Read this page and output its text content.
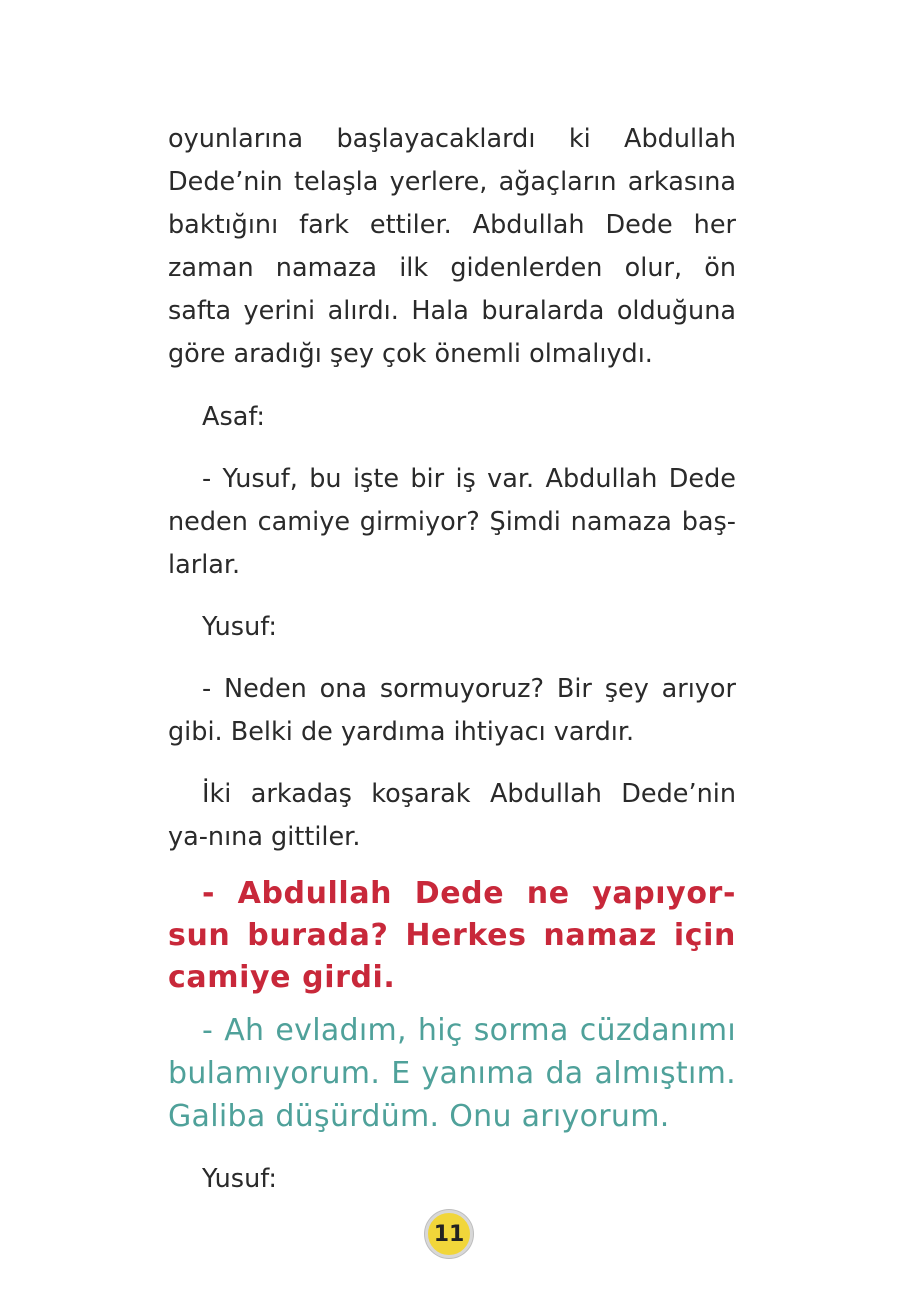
oyunlarına başlayacaklardı ki Abdullah Dede’nin telaşla yerlere, ağaçların arkasına baktığını fark ettiler. Abdullah Dede her zaman namaza ilk gidenlerden olur, ön safta yerini alırdı. Hala buralarda olduğuna göre aradığı şey çok önemli olmalıydı.

Asaf:

- Yusuf, bu işte bir iş var. Abdullah Dede neden camiye girmiyor? Şimdi namaza baş-larlar.

Yusuf:

- Neden ona sormuyoruz? Bir şey arıyor gibi. Belki de yardıma ihtiyacı vardır.

İki arkadaş koşarak Abdullah Dede’nin ya-nına gittiler.

- Abdullah Dede ne yapıyor-sun burada? Herkes namaz için camiye girdi.

- Ah evladım, hiç sorma cüzdanımı bulamıyorum. E yanıma da almıştım. Galiba düşürdüm. Onu arıyorum.

Yusuf:

11
